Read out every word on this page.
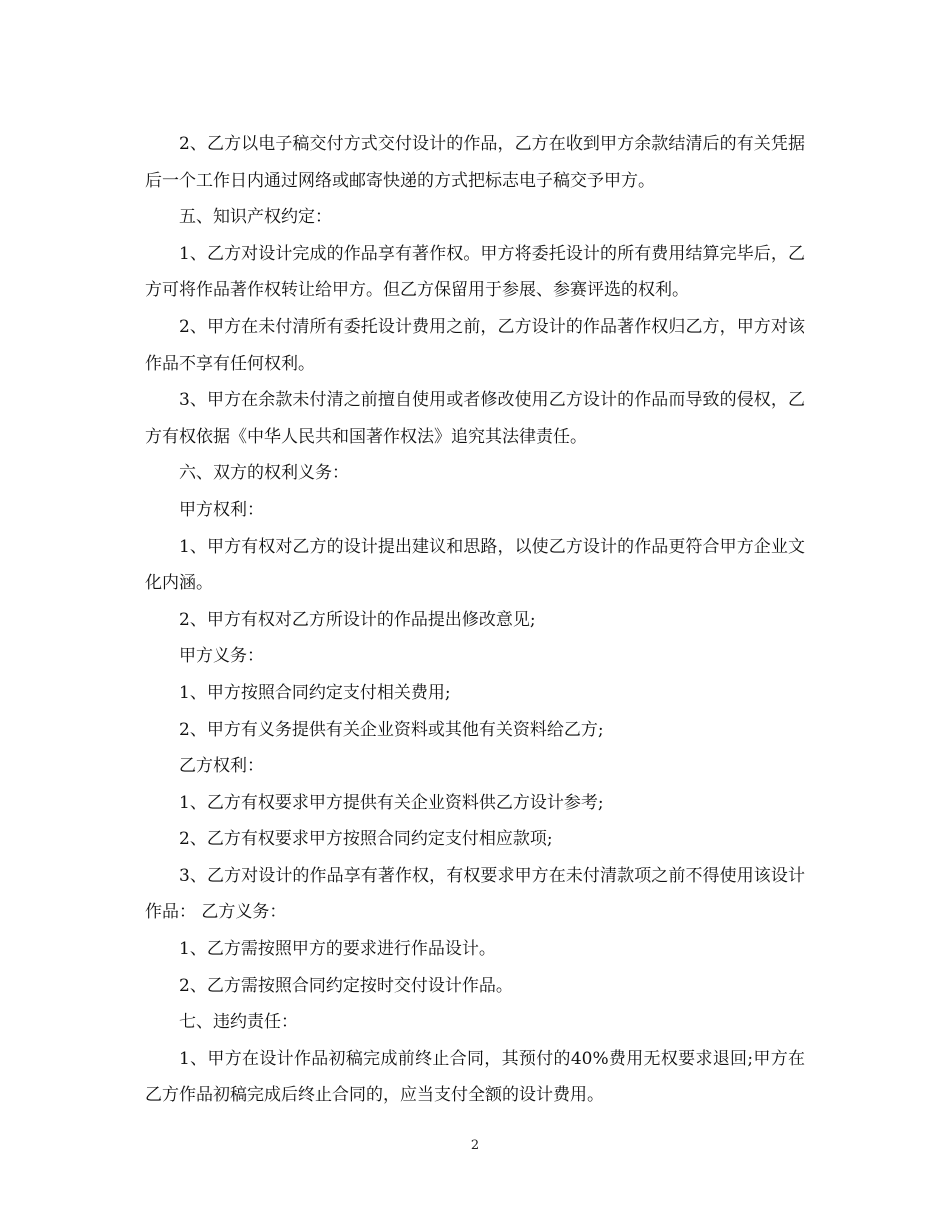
2、乙方以电子稿交付方式交付设计的作品，乙方在收到甲方余款结清后的有关凭据后一个工作日内通过网络或邮寄快递的方式把标志电子稿交予甲方。

五、知识产权约定：

1、乙方对设计完成的作品享有著作权。甲方将委托设计的所有费用结算完毕后，乙方可将作品著作权转让给甲方。但乙方保留用于参展、参赛评选的权利。

2、甲方在未付清所有委托设计费用之前，乙方设计的作品著作权归乙方，甲方对该作品不享有任何权利。

3、甲方在余款未付清之前擅自使用或者修改使用乙方设计的作品而导致的侵权，乙方有权依据《中华人民共和国著作权法》追究其法律责任。

六、双方的权利义务：

甲方权利：

1、甲方有权对乙方的设计提出建议和思路，以使乙方设计的作品更符合甲方企业文化内涵。

2、甲方有权对乙方所设计的作品提出修改意见;

甲方义务：

1、甲方按照合同约定支付相关费用;

2、甲方有义务提供有关企业资料或其他有关资料给乙方;

乙方权利：

1、乙方有权要求甲方提供有关企业资料供乙方设计参考;

2、乙方有权要求甲方按照合同约定支付相应款项;

3、乙方对设计的作品享有著作权，有权要求甲方在未付清款项之前不得使用该设计作品： 乙方义务：

1、乙方需按照甲方的要求进行作品设计。

2、乙方需按照合同约定按时交付设计作品。

七、违约责任：

1、甲方在设计作品初稿完成前终止合同，其预付的40%费用无权要求退回;甲方在乙方作品初稿完成后终止合同的，应当支付全额的设计费用。

2
